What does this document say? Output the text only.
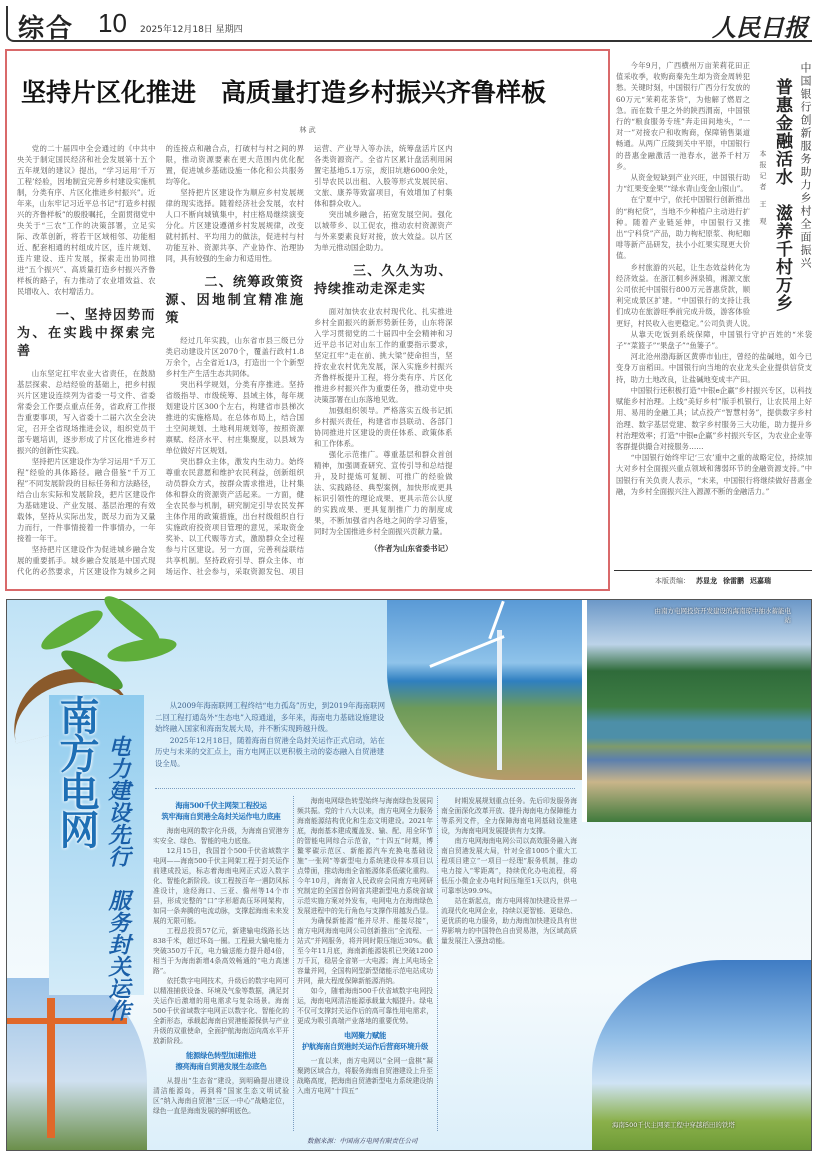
综合 10 2025年12月18日 星期四	人民日报
坚持片区化推进　高质量打造乡村振兴齐鲁样板
林 武

党的二十届四中全会通过的《中共中央关于制定国民经济和社会发展第十五个五年规划的建议》提出，“学习运用‘千万工程’经验，因地制宜完善乡村建设实施机制，分类有序、片区化推进乡村振兴”。近年来，山东牢记习近平总书记“打造乡村振兴的齐鲁样板”的殷殷嘱托，全面贯彻党中央关于“三农”工作的决策部署，立足实际、改革创新，将若干区域相邻、功能相近、配套相通的村组成片区，连片规划、连片建设、连片发展，探索走出协同推进“五个振兴”、高质量打造乡村振兴齐鲁样板的路子，有力推动了农业增效益、农民增收入、农村增活力。

一、坚持因势而为、在实践中探索完善

山东坚定扛牢农业大省责任，在鼓励基层探索、总结经验的基础上，把乡村振兴片区建设连续列为省委一号文件、省委常委会工作要点重点任务，省政府工作报告重要事项，写入省委十二届六次全会决定，召开全省现场推进会议，组织党员干部专题培训，逐步形成了片区化推进乡村振兴的创新性实践。

坚持把片区建设作为学习运用“千万工程”经验的具体路径。融合借鉴“千万工程”不同发展阶段的目标任务和方法路径，结合山东实际和发展阶段，把片区建设作为基础建设、产业发展、基层治理的有效载体，坚持从实际出发，既尽力而为又量力而行，一件事情接着一件事情办，一年接着一年干。

坚持把片区建设作为促进城乡融合发展的重要抓手。城乡融合发展是中国式现代化的必然要求，片区建设作为城乡之间的连接点和融合点，打破村与村之间的界限，推动资源要素在更大范围内优化配置，促进城乡基础设施一体化和公共服务均等化。

坚持把片区建设作为顺应乡村发展规律的现实选择。随着经济社会发展，农村人口不断向城镇集中，村庄格局继续演变分化。片区建设遵循乡村发展规律，改变就村抓村、平均用力的做法，促进村与村功能互补、资源共享、产业协作、治理协同，具有较强的生命力和适用性。

二、统筹政策资源、因地制宜精准施策

经过几年实践，山东省市县三级已分类启动建设片区2070个，覆盖行政村1.8万余个，占全省近1/3，打造出一个个新型乡村生产生活生态共同体。

突出科学规划，分类有序推进。坚持省级指导、市级统筹、县域主体，每年规划建设片区300个左右，构建省市县梯次推进的实施格局。在总体布局上，结合国土空间规划、土地利用规划等，按照资源禀赋、经济水平、村庄集聚度，以县域为单位做好片区规划。

突出群众主体，激发内生动力。始终尊重农民意愿和维护农民利益，创新组织动员群众方式，按群众需求推进，让村集体和群众的资源资产活起来。一方面，健全农民参与机制，研究制定引导农民发挥主体作用的政策措施，出台村级组织自行实施政府投资项目管理的意见，采取资金奖补、以工代赈等方式，激励群众全过程参与片区建设。另一方面，完善利益联结共享机制。坚持政府引导、群众主体、市场运作、社会参与，采取资源发包、项目运营、产业导入等办法，统筹盘活片区内各类资源资产。全省片区累计盘活利用闲置宅基地5.1万宗，废旧坑塘6000余处，引导农民以出租、入股等形式发展民宿、文旅、康养等致富项目，有效增加了村集体和群众收入。

突出城乡融合，拓宽发展空间。强化以城带乡、以工促农，推动农村资源资产与外来要素良好对接，放大效益。以片区为单元推动国企助力。

三、久久为功、持续推动走深走实

面对加快农业农村现代化、扎实推进乡村全面振兴的新形势新任务，山东将深入学习贯彻党的二十届四中全会精神和习近平总书记对山东工作的重要指示要求，坚定扛牢“走在前、挑大梁”使命担当，坚持农业农村优先发展，深入实施乡村振兴齐鲁样板提升工程，将分类有序、片区化推进乡村振兴作为重要任务，推动党中央决策部署在山东落地见效。

加强组织领导。严格落实五级书记抓乡村振兴责任，构建省市县联动、各部门协同推进片区建设的责任体系、政策体系和工作体系。

强化示范推广。尊重基层和群众首创精神，加强调查研究、宣传引导和总结提升，及时提炼可复制、可推广的经验做法、实践路径、典型案例，加快形成更具标识引领性的理论成果、更具示范公认度的实践成果、更具复制推广力的制度成果，不断加强省内各地之间的学习借鉴，同时为全国推进乡村全面振兴贡献力量。

（作者为山东省委书记）

今年9月，广西横州万亩茉莉花田正值采收季，收购商秦先生却为资金周转犯愁。关键时刻，中国银行广西分行发放的60万元“茉莉花茶贷”，为他解了燃眉之急。而在数千里之外的陕西渭南，中国银行的“粮食服务专班”奔走田间地头，“一对一”对接农户和收购商，保障销售渠道畅通。从两广丘陵到关中平原，中国银行的普惠金融激活一池春水，滋养千村万乡。

从资金短缺到产业兴旺，中国银行助力“红果变金果”“绿水青山变金山银山”。

在宁夏中宁，依托中国银行创新推出的“枸杞贷”，当地不少种植户主动进行扩种。随着产业链延伸，中国银行又推出“宁科贷”产品，助力枸杞原浆、枸杞咖啡等新产品研发，扶小小红果实现更大价值。

乡村旅游的兴起，让生态效益转化为经济效益。在浙江桐乡洲泉镇，湘源文旅公司依托中国银行800万元普惠贷款，顺利完成景区扩建。“中国银行的支持让我们成功在旅游旺季前完成升级，游客体验更好，村民收入也更稳定。”公司负责人说。

从靠天吃饭到系统保障，中国银行守护百姓的“米袋子”“菜篮子”“果盘子”“鱼篓子”。

河北沧州渤海新区黄骅市仙庄，曾经的盐碱地，如今已变身万亩稻田。中国银行向当地的农业龙头企业提供信贷支持，助力土地改良，让盐碱地变成丰产田。

中国银行还积极打造“中银e企赢”乡村振兴专区，以科技赋能乡村治理。上线“美好乡村”版手机银行，让农民用上好用、易用的金融工具；试点投产“智慧村务”，提供数字乡村治理、数字基层党建、数字乡村服务三大功能，助力提升乡村治理效率；打造“中银e企赢”乡村振兴专区，为农业企业等客群提供撮合对接服务……

“中国银行始终牢记‘三农’重中之重的战略定位，持续加大对乡村全面振兴重点领域和薄弱环节的金融资源支持。”中国银行有关负责人表示，“未来，中国银行将继续做好普惠金融，为乡村全面振兴注入源源不断的金融活力。”

中国银行创新服务助力乡村全面振兴
普惠金融活水　滋养千村万乡
本报记者 王 观
本版责编： 苏显龙 徐雷鹏 迟嘉瑞
由南方电网投资开发建设的海南琼中抽水蓄能电站
海南500千伏主网架工程中穿越稻田的铁塔
南方电网 电力建设先行　服务封关运作

从2009年海南联网工程终结“电力孤岛”历史，到2019年海南联网二回工程打通岛外“生态电”入琼通道，多年来，海南电力基础设施建设始终融入国家和海南发展大局，并不断实现跨越升级。

2025年12月18日，随着海南自贸港全岛封关运作正式启动，站在历史与未来的交汇点上，南方电网正以更积极主动的姿态融入自贸港建设全局。

海南500千伏主网架工程投运
筑牢海南自贸港全岛封关运作电力底座

海南电网的数字化升级，为海南自贸港夯实安全、绿色、智能的电力底座。

12月15日，我国首个500千伏省域数字电网——海南500千伏主网架工程于封关运作前建成投运，标志着海南电网正式迈入数字化、智能化新阶段。该工程按百年一遇防风标准设计，途经海口、三亚、儋州等14个市县，形成完整的“口”字形超高压环网架构，如同一条奔腾的电流动脉，支撑起海南未来发展的无限可能。

工程总投资57亿元，新建输电线路长达838千米，超过环岛一圈。工程最大输电能力突破350万千瓦，电力输送能力提升超4倍，相当于为海南新增4条高效畅通的“电力高速路”。

依托数字电网技术，升级后的数字电网可以精准捕获设备、环境及气象等数据，满足封关运作后激增的用电需求与复杂场景。海南500千伏省域数字电网正以数字化、智能化的全新形态，承载起海南自贸港能源保供与产业升级的双重使命，全面护航海南迈向高水平开放新阶段。

能源绿色转型加速推进
擦亮海南自贸港发展生态底色

从提出“生态省”建设，到明确提出建设清洁能源岛，再到将“国家生态文明试验区”纳入海南自贸港“三区一中心”战略定位，绿色一直是海南发展的鲜明底色。

海南电网绿色转型始终与海南绿色发展同频共振。党的十八大以来，南方电网全力服务海南能源结构优化和生态文明建设。2021年底，海南基本建成覆盖发、输、配、用全环节的智能电网综合示范省，“十四五”时期，博鳌零碳示范区、新能源汽车充换电基础设施“一张网”等新型电力系统建设样本项目以点带面，推动海南全省能源体系低碳化重构。今年10月，海南省人民政府会同南方电网研究制定的全国首份网省共建新型电力系统省域示范实施方案对外发布，电网电力在海南绿色发展进程中的先行角色与支撑作用越发凸显。

为确保新能源“能并尽并、能接尽接”，南方电网海南电网公司创新推出“全流程、一站式”并网服务，将并网时限压缩近30%。截至今年11月底，海南新能源装机已突破1200万千瓦，稳居全省第一大电源；海上风电场全容量并网，全国构网型新型储能示范电站成功并网，最大程度保障新能源消纳。

如今，随着海南500千伏省域数字电网投运，海南电网清洁能源承载量大幅提升。绿电不仅可支撑封关运作后的高可靠性用电需求，更成为吸引高端产业落地的重要优势。

电网聚力赋能
护航海南自贸港封关运作后营商环境升级

一直以来，南方电网以“全网一盘棋”凝聚跨区域合力，将服务海南自贸港建设上升至战略高度，把海南自贸港新型电力系统建设纳入南方电网“十四五”

时期发展规划重点任务。先后印发服务海南全面深化改革开放、提升海南电力保障能力等系列文件，全力保障海南电网基础设施建设，为海南电网发展提供有力支撑。

南方电网海南电网公司以高效服务融入海南自贸港发展大局，针对全省1005个重大工程项目建立“一项目一经理”服务机制，推动电力接入“零距离”，持续优化办电流程，将低压小微企业办电时间压缩至1天以内，供电可靠率达99.9%。

站在新起点，南方电网将加快建设世界一流现代化电网企业，持续以更智能、更绿色、更优质的电力服务，助力海南加快建设具有世界影响力的中国特色自由贸易港，为区域高质量发展注入强劲动能。

数据来源：中国南方电网有限责任公司
